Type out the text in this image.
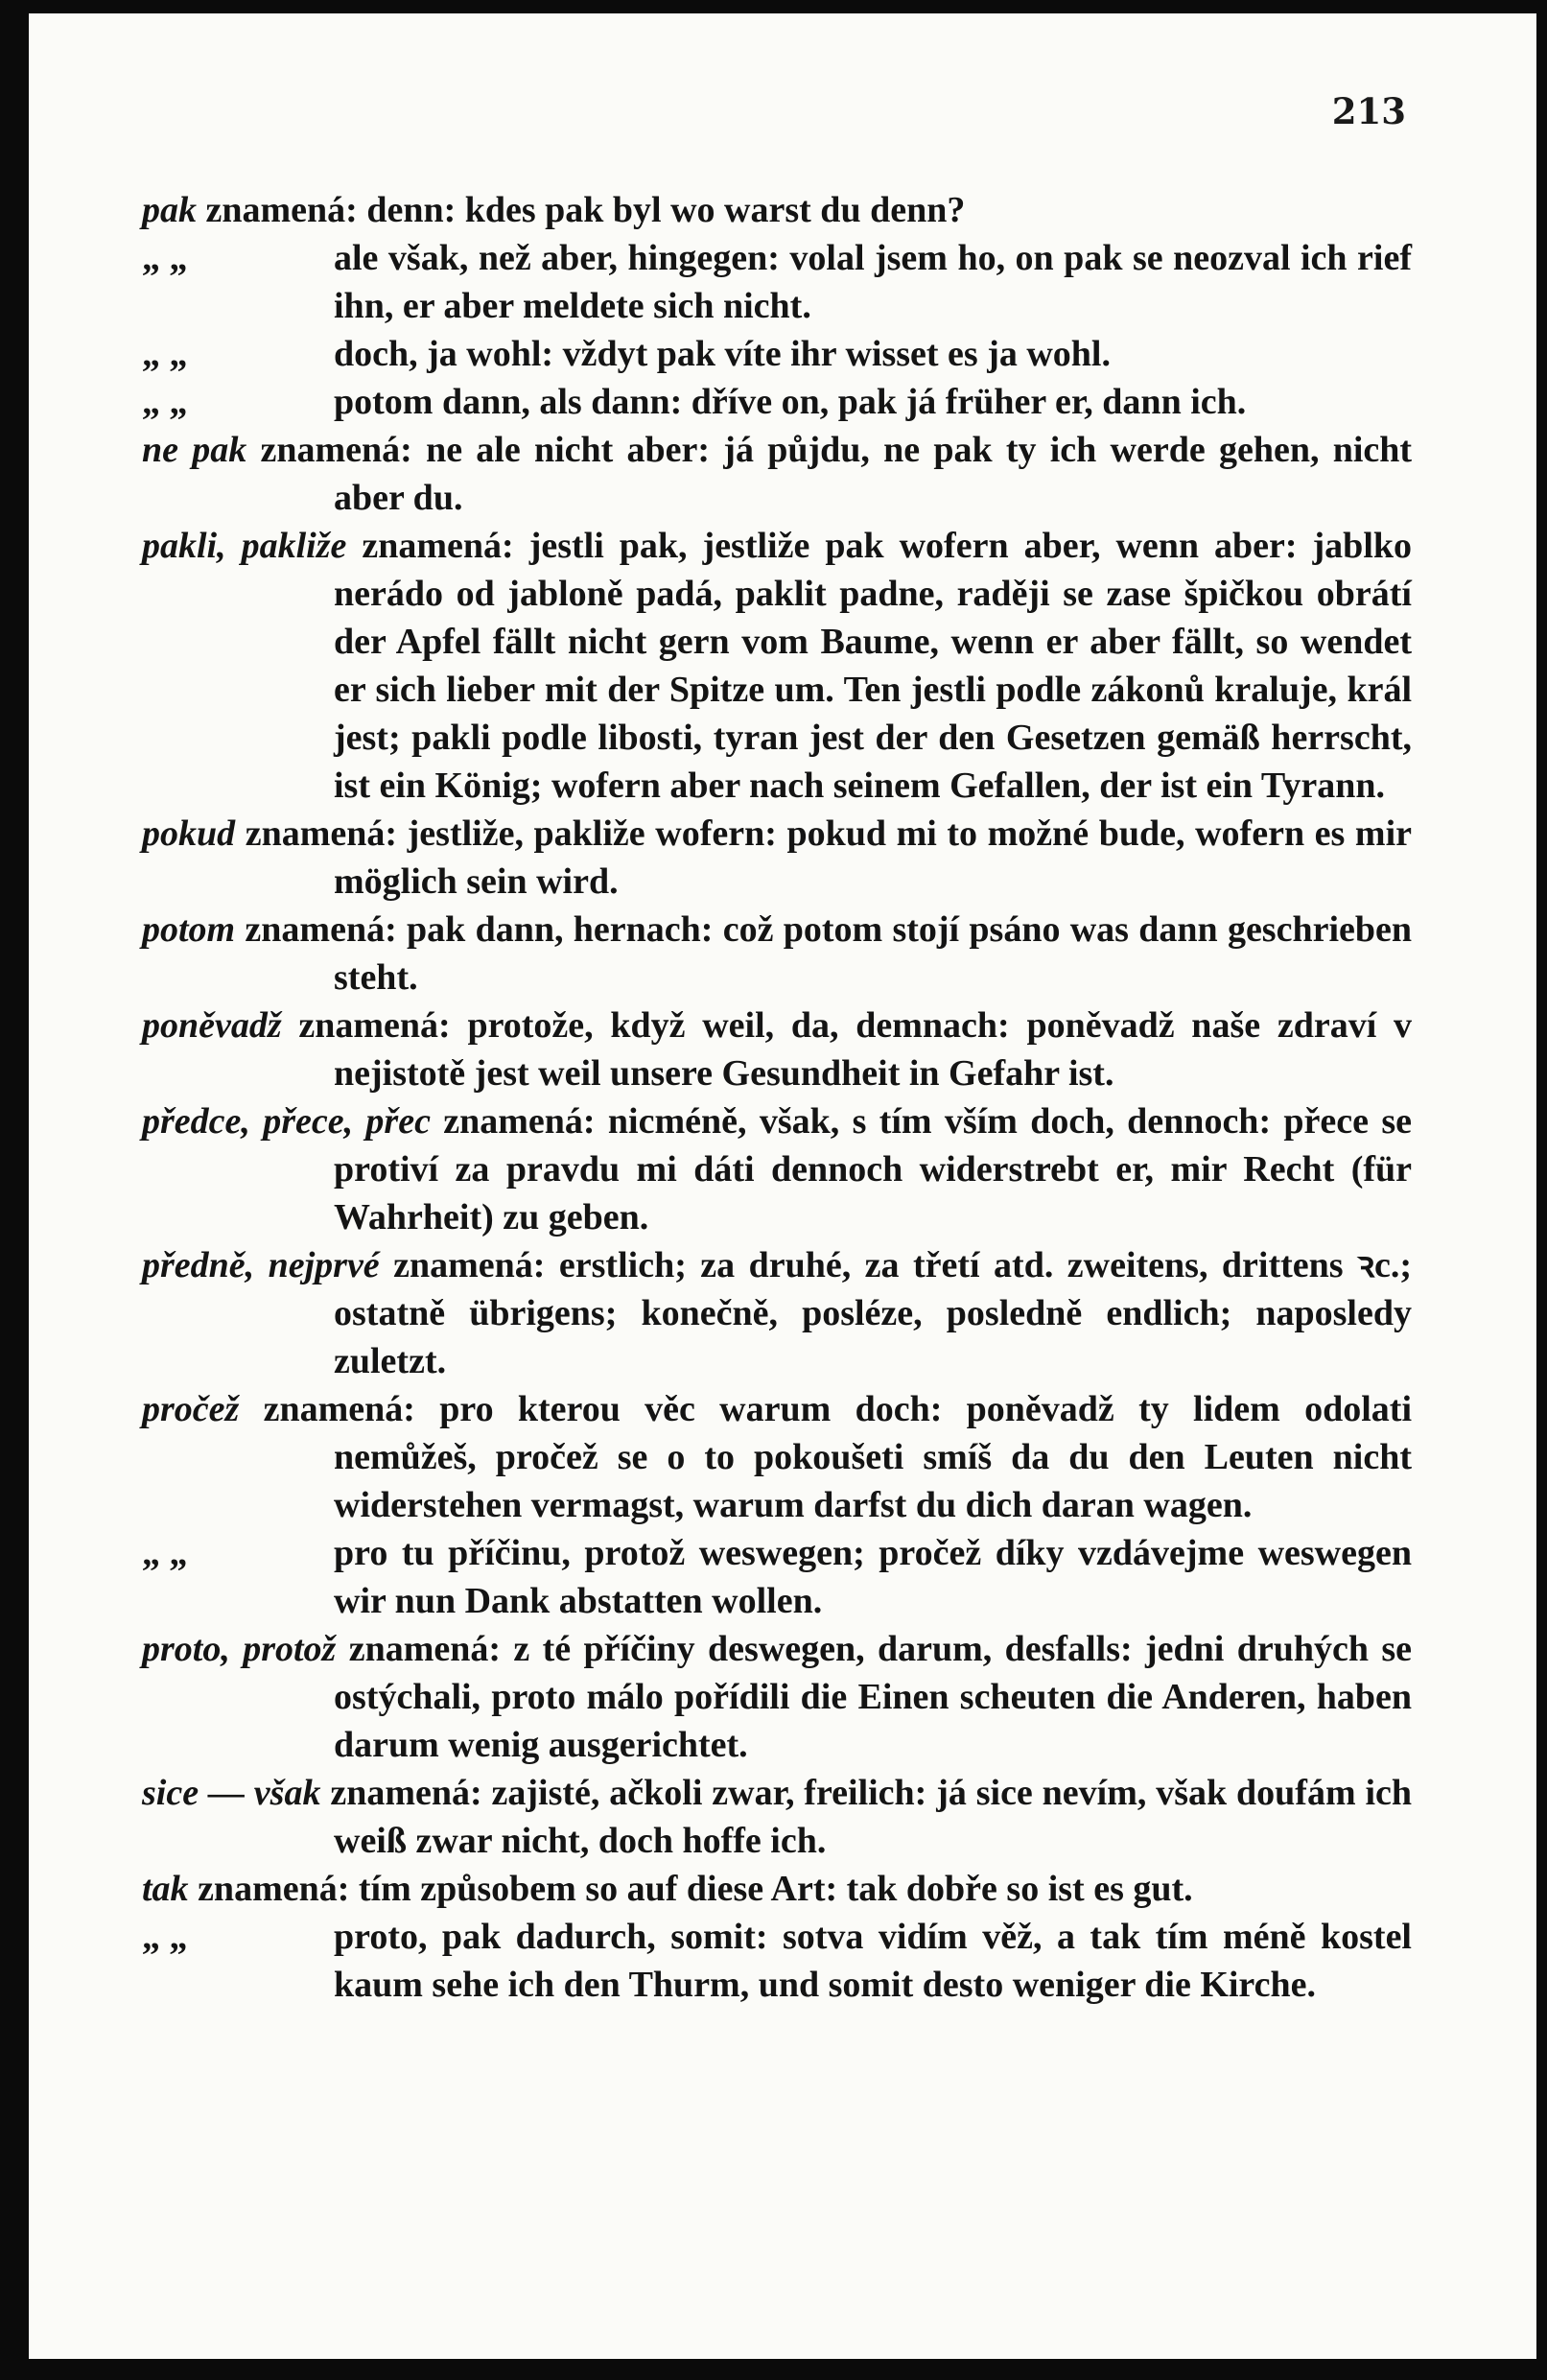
213

pak znamená: denn: kdes pak byl wo warst du denn?

„ „	ale však, než aber, hingegen: volal jsem ho, on pak se neozval ich rief ihn, er aber meldete sich nicht.

„ „	doch, ja wohl: vždyt pak víte ihr wisset es ja wohl.

„ „	potom dann, als dann: dříve on, pak já früher er, dann ich.

ne pak znamená: ne ale nicht aber: já půjdu, ne pak ty ich werde gehen, nicht aber du.

pakli, pakliže znamená: jestli pak, jestliže pak wofern aber, wenn aber: jablko nerádo od jabloně padá, paklit padne, raději se zase špičkou obrátí der Apfel fällt nicht gern vom Baume, wenn er aber fällt, so wendet er sich lieber mit der Spitze um. Ten jestli podle zákonů kraluje, král jest; pakli podle libosti, tyran jest der den Gesetzen gemäß herrscht, ist ein König; wofern aber nach seinem Gefallen, der ist ein Tyrann.

pokud znamená: jestliže, pakliže wofern: pokud mi to možné bude, wofern es mir möglich sein wird.

potom znamená: pak dann, hernach: což potom stojí psáno was dann geschrieben steht.

poněvadž znamená: protože, když weil, da, demnach: poněvadž naše zdraví v nejistotě jest weil unsere Gesundheit in Gefahr ist.

předce, přece, přec znamená: nicméně, však, s tím vším doch, dennoch: přece se protiví za pravdu mi dáti dennoch widerstrebt er, mir Recht (für Wahrheit) zu geben.

předně, nejprvé znamená: erstlich; za druhé, za třetí atd. zweitens, drittens ꝛc.; ostatně übrigens; konečně, posléze, posledně endlich; naposledy zuletzt.

pročež znamená: pro kterou věc warum doch: poněvadž ty lidem odolati nemůžeš, pročež se o to pokoušeti smíš da du den Leuten nicht widerstehen vermagst, warum darfst du dich daran wagen.

„ „	pro tu příčinu, protož weswegen; pročež díky vzdávejme weswegen wir nun Dank abstatten wollen.

proto, protož znamená: z té příčiny deswegen, darum, desfalls: jedni druhých se ostýchali, proto málo pořídili die Einen scheuten die Anderen, haben darum wenig ausgerichtet.

sice — však znamená: zajisté, ačkoli zwar, freilich: já sice nevím, však doufám ich weiß zwar nicht, doch hoffe ich.

tak znamená: tím způsobem so auf diese Art: tak dobře so ist es gut.

„ „	proto, pak dadurch, somit: sotva vidím věž, a tak tím méně kostel kaum sehe ich den Thurm, und somit desto weniger die Kirche.
